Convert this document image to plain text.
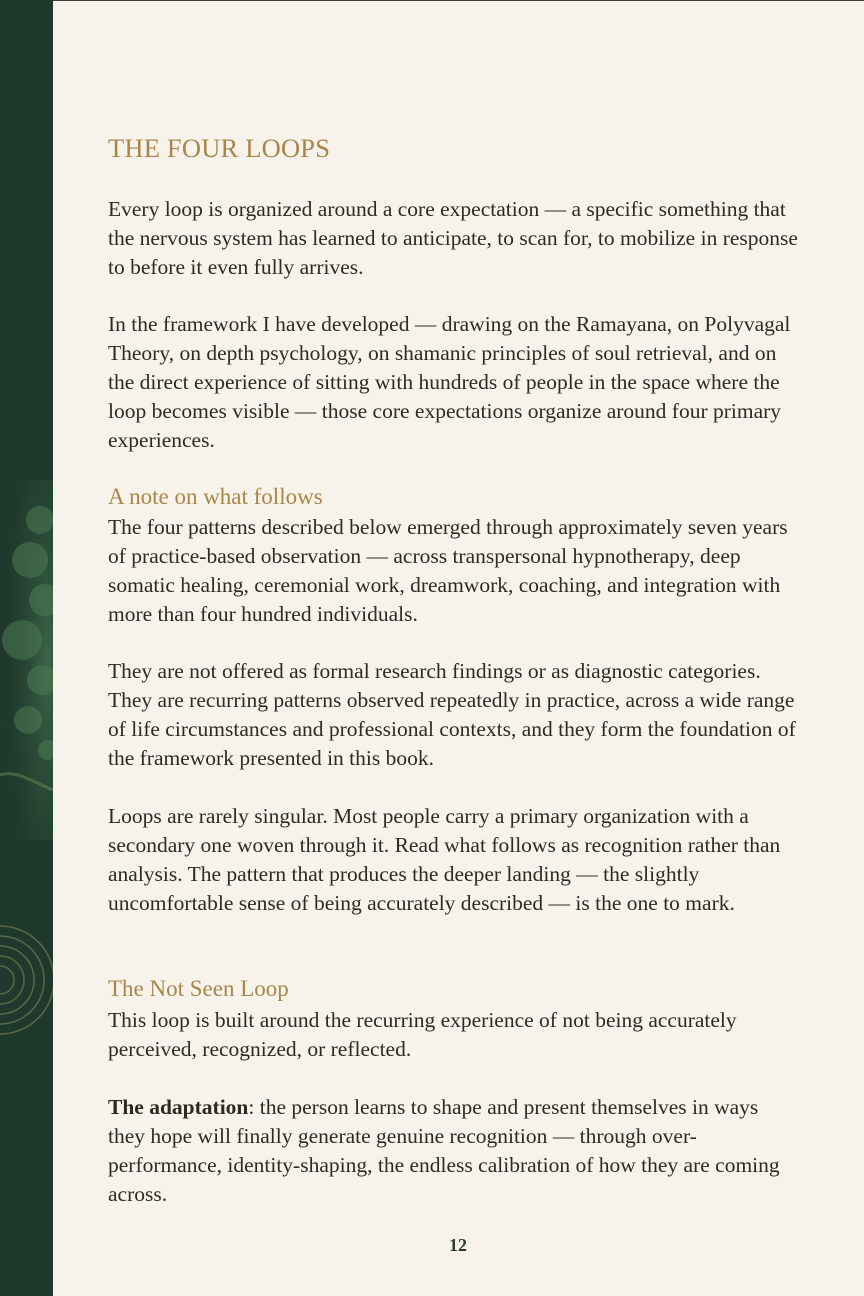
THE FOUR LOOPS
Every loop is organized around a core expectation — a specific something that the nervous system has learned to anticipate, to scan for, to mobilize in response to before it even fully arrives.
In the framework I have developed — drawing on the Ramayana, on Polyvagal Theory, on depth psychology, on shamanic principles of soul retrieval, and on the direct experience of sitting with hundreds of people in the space where the loop becomes visible — those core expectations organize around four primary experiences.
A note on what follows
The four patterns described below emerged through approximately seven years of practice-based observation — across transpersonal hypnotherapy, deep somatic healing, ceremonial work, dreamwork, coaching, and integration with more than four hundred individuals.
They are not offered as formal research findings or as diagnostic categories. They are recurring patterns observed repeatedly in practice, across a wide range of life circumstances and professional contexts, and they form the foundation of the framework presented in this book.
Loops are rarely singular. Most people carry a primary organization with a secondary one woven through it. Read what follows as recognition rather than analysis. The pattern that produces the deeper landing — the slightly uncomfortable sense of being accurately described — is the one to mark.
The Not Seen Loop
This loop is built around the recurring experience of not being accurately perceived, recognized, or reflected.
The adaptation: the person learns to shape and present themselves in ways they hope will finally generate genuine recognition — through over-performance, identity-shaping, the endless calibration of how they are coming across.
12
